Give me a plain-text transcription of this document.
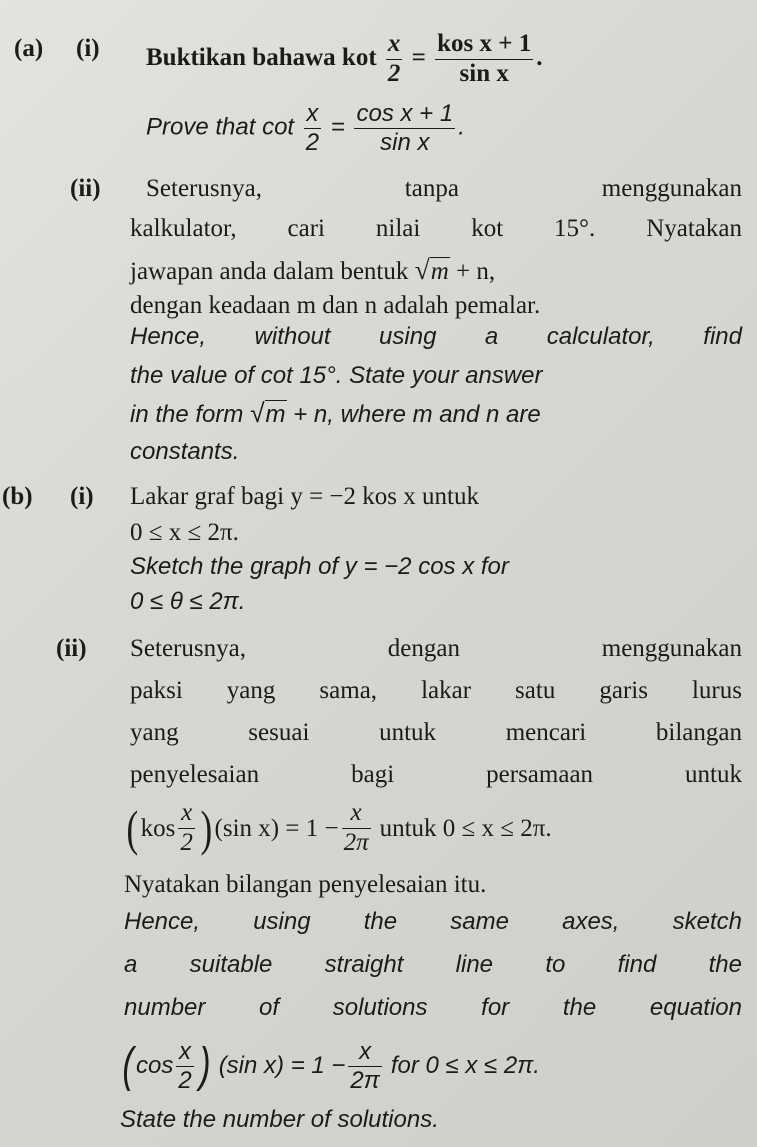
(a) (i) Buktikan bahawa kot $\frac{x}{2} = \frac{\text{kos x + 1}}{\text{sin x}}$ .
Prove that $\cot \frac{x}{2} = \frac{\text{cos x + 1}}{\text{sin x}}$ .
(ii) Seterusnya, tanpa menggunakan
kalkulator, cari nilai kot 15°. Nyatakan
jawapan anda dalam bentuk √m + n,
dengan keadaan m dan n adalah pemalar.
Hence, without using a calculator, find
the value of cot 15°. State your answer
in the form √m + n, where m and n are
constants.
(b) (i) Lakar graf bagi y = −2 kos x untuk
0 ≤ x ≤ 2π.
Sketch the graph of y = −2 cos x for
0 ≤ θ ≤ 2π.
(ii) Seterusnya, dengan menggunakan
paksi yang sama, lakar satu garis lurus
yang sesuai untuk mencari bilangan
penyelesaian bagi persamaan untuk
( kos $\frac{x}{2}$ ) (sin $x) = 1 - \frac{x}{2\pi}$ untuk 0 ≤ x ≤ 2π.
Nyatakan bilangan penyelesaian itu.
Hence, using the same axes, sketch
a suitable straight line to find the
number of solutions for the equation
( $\cos \frac{x}{2}$ ) (sin $x) = 1 - \frac{x}{2\pi}$ for 0 ≤ x ≤ 2π.
State the number of solutions.
